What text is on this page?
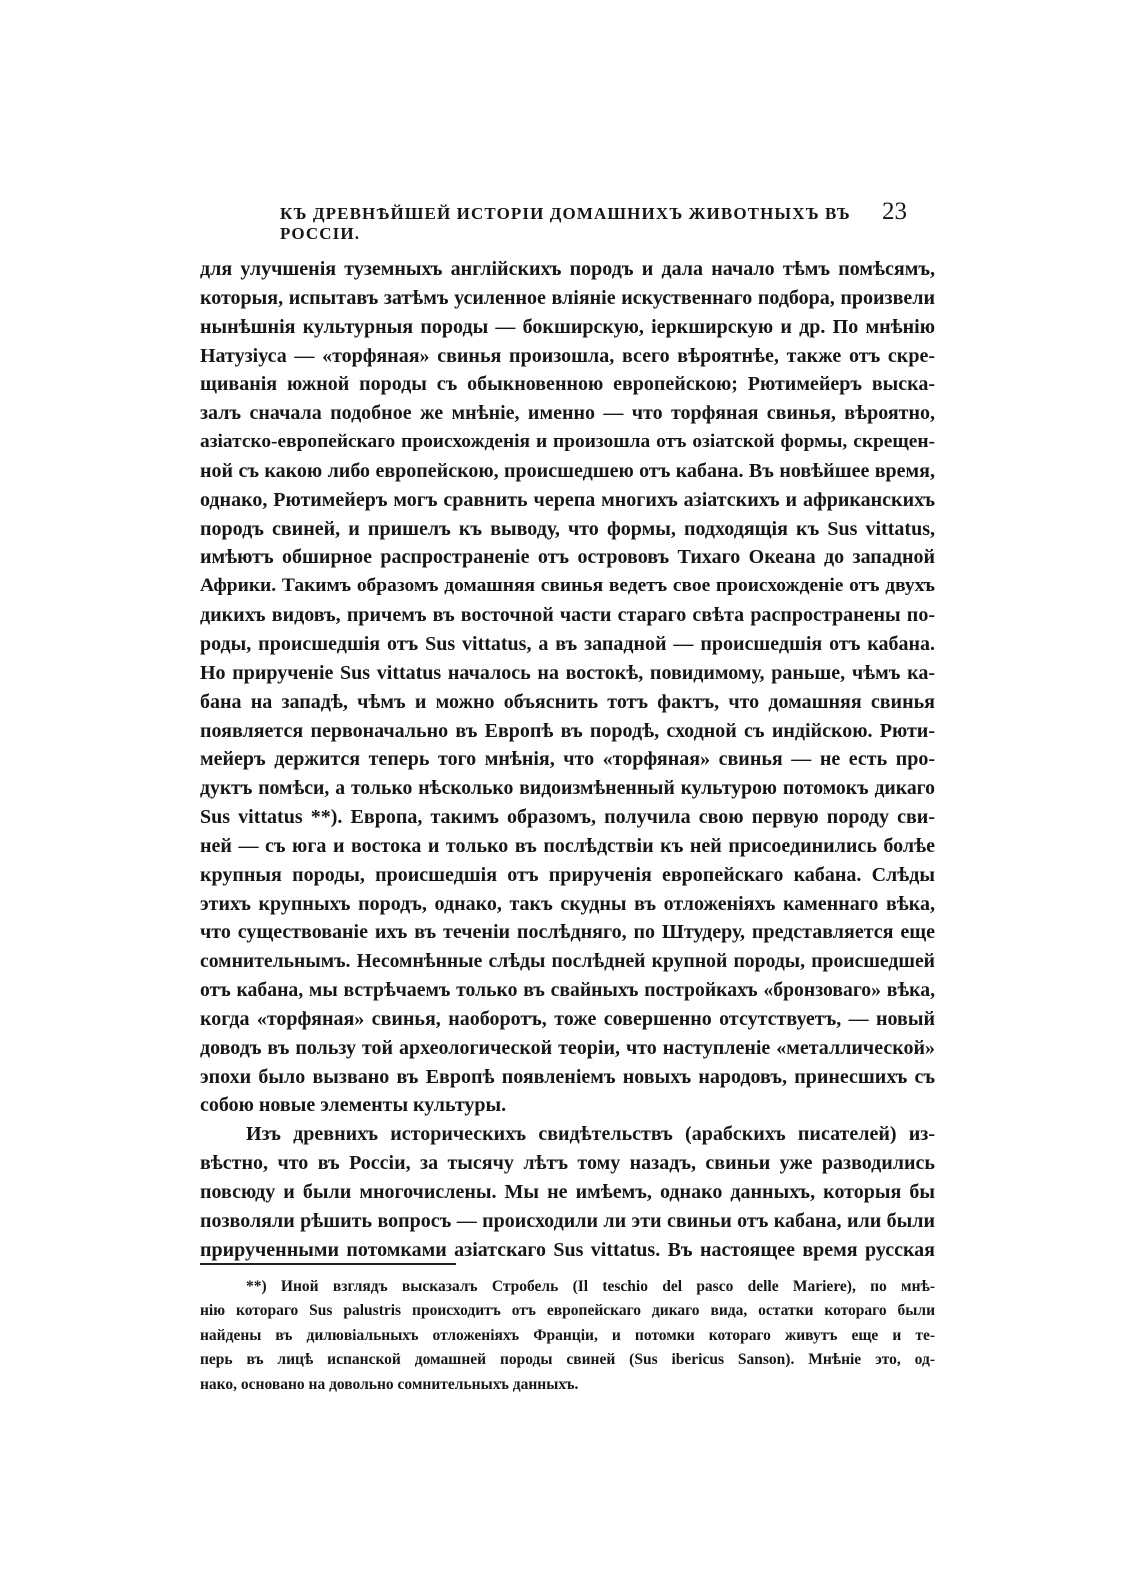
КЪ ДРЕВНѢЙШЕЙ ИСТОРІИ ДОМАШНИХЪ ЖИВОТНЫХЪ ВЪ РОССІИ.
23
для улучшенія туземныхъ англійскихъ породъ и дала начало тѣмъ помѣсямъ,
которыя, испытавъ затѣмъ усиленное вліяніе искуственнаго подбора, произвели
нынѣшнія культурныя породы — бокширскую, іеркширскую и др. По мнѣнію
Натузіуса — «торфяная» свинья произошла, всего вѣроятнѣе, также отъ скре-
щиванія южной породы съ обыкновенною европейскою; Рютимейеръ выска-
залъ сначала подобное же мнѣніе, именно — что торфяная свинья, вѣроятно,
азіатско-европейскаго происхожденія и произошла отъ озіатской формы, скрещен-
ной съ какою либо европейскою, происшедшею отъ кабана. Въ новѣйшее время,
однако, Рютимейеръ могъ сравнить черепа многихъ азіатскихъ и африканскихъ
породъ свиней, и пришелъ къ выводу, что формы, подходящія къ Sus vittatus,
имѣютъ обширное распространеніе отъ острововъ Тихаго Океана до западной
Африки. Такимъ образомъ домашняя свинья ведетъ свое происхожденіе отъ двухъ
дикихъ видовъ, причемъ въ восточной части стараго свѣта распространены по-
роды, происшедшія отъ Sus vittatus, а въ западной — происшедшія отъ кабана.
Но прирученіе Sus vittatus началось на востокѣ, повидимому, раньше, чѣмъ ка-
бана на западѣ, чѣмъ и можно объяснить тотъ фактъ, что домашняя свинья
появляется первоначально въ Европѣ въ породѣ, сходной съ индійскою. Рюти-
мейеръ держится теперь того мнѣнія, что «торфяная» свинья — не есть про-
дуктъ помѣси, а только нѣсколько видоизмѣненный культурою потомокъ дикаго
Sus vittatus **). Европа, такимъ образомъ, получила свою первую породу сви-
ней — съ юга и востока и только въ послѣдствіи къ ней присоединились болѣе
крупныя породы, происшедшія отъ прирученія европейскаго кабана. Слѣды
этихъ крупныхъ породъ, однако, такъ скудны въ отложеніяхъ каменнаго вѣка,
что существованіе ихъ въ теченіи послѣдняго, по Штудеру, представляется еще
сомнительнымъ. Несомнѣнные слѣды послѣдней крупной породы, происшедшей
отъ кабана, мы встрѣчаемъ только въ свайныхъ постройкахъ «бронзоваго» вѣка,
когда «торфяная» свинья, наоборотъ, тоже совершенно отсутствуетъ, — новый
доводъ въ пользу той археологической теоріи, что наступленіе «металлической»
эпохи было вызвано въ Европѣ появленіемъ новыхъ народовъ, принесшихъ съ
собою новые элементы культуры.
Изъ древнихъ историческихъ свидѣтельствъ (арабскихъ писателей) из-
вѣстно, что въ Россіи, за тысячу лѣтъ тому назадъ, свиньи уже разводились
повсюду и были многочислены. Мы не имѣемъ, однако данныхъ, которыя бы
позволяли рѣшить вопросъ — происходили ли эти свиньи отъ кабана, или были
прирученными потомками азіатскаго Sus vittatus. Въ настоящее время русская
**) Иной взглядъ высказалъ Стробель (Il teschio del pasco delle Mariere), по мнѣ-
нію котораго Sus palustris происходитъ отъ европейскаго дикаго вида, остатки котораго были
найдены въ дилювіальныхъ отложеніяхъ Франціи, и потомки котораго живутъ еще и те-
перь въ лицѣ испанской домашней породы свиней (Sus ibericus Sanson). Мнѣніе это, од-
нако, основано на довольно сомнительныхъ данныхъ.
